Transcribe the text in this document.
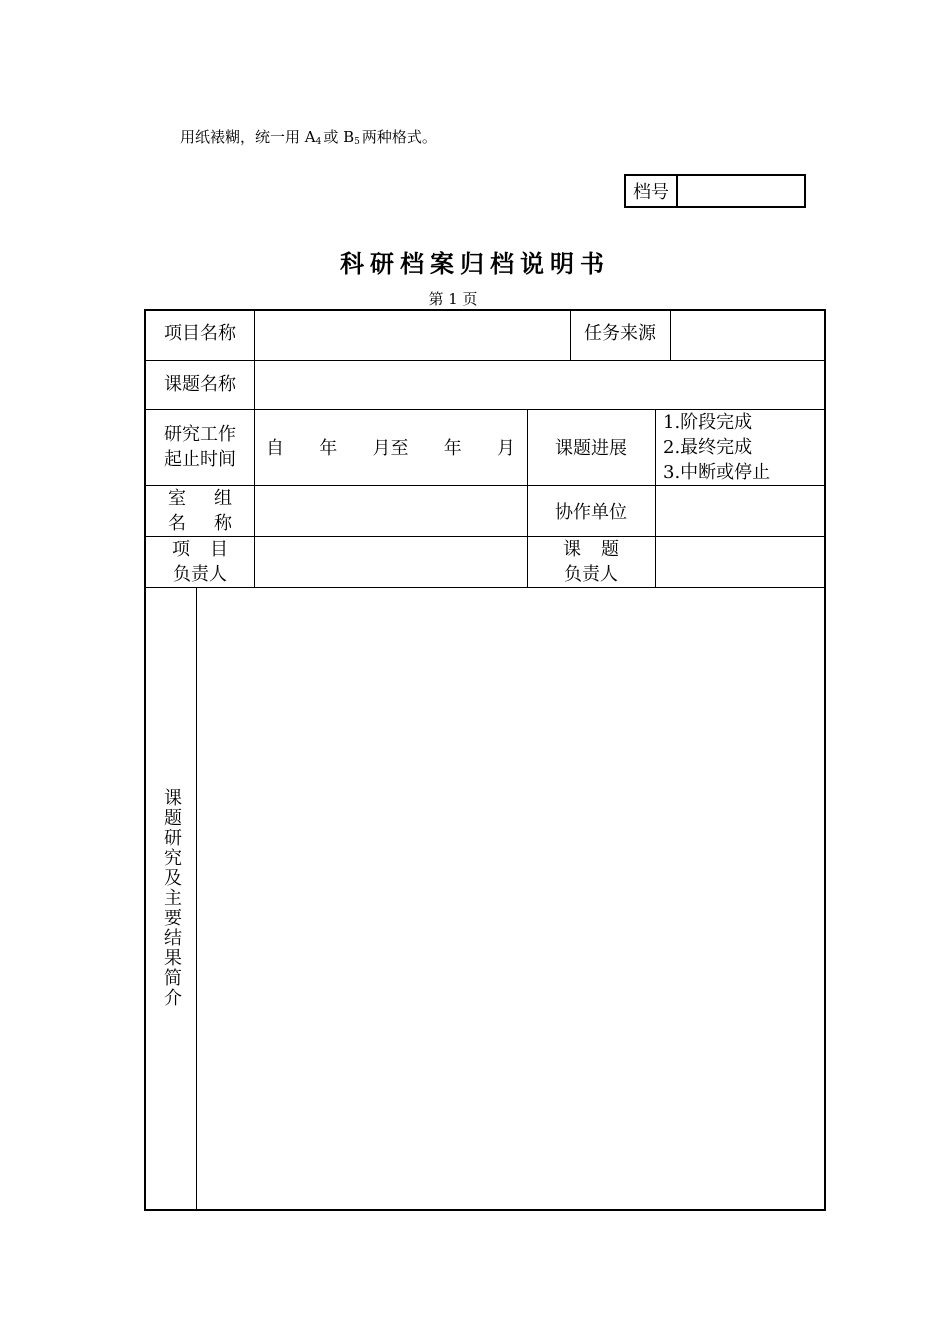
用纸裱糊，统一用 $A_4$ 或 $B_5$ 两种格式。
档号
科研档案归档说明书
第 1 页
项目名称	任务来源
课题名称
研究工作
起止时间
自 年 月至 年 月	课题进展
1.阶段完成
2.最终完成
3.中断或停止
室 组
名 称
协作单位
项 目
负责人
课 题
负责人
课题研究及主要结果简介
